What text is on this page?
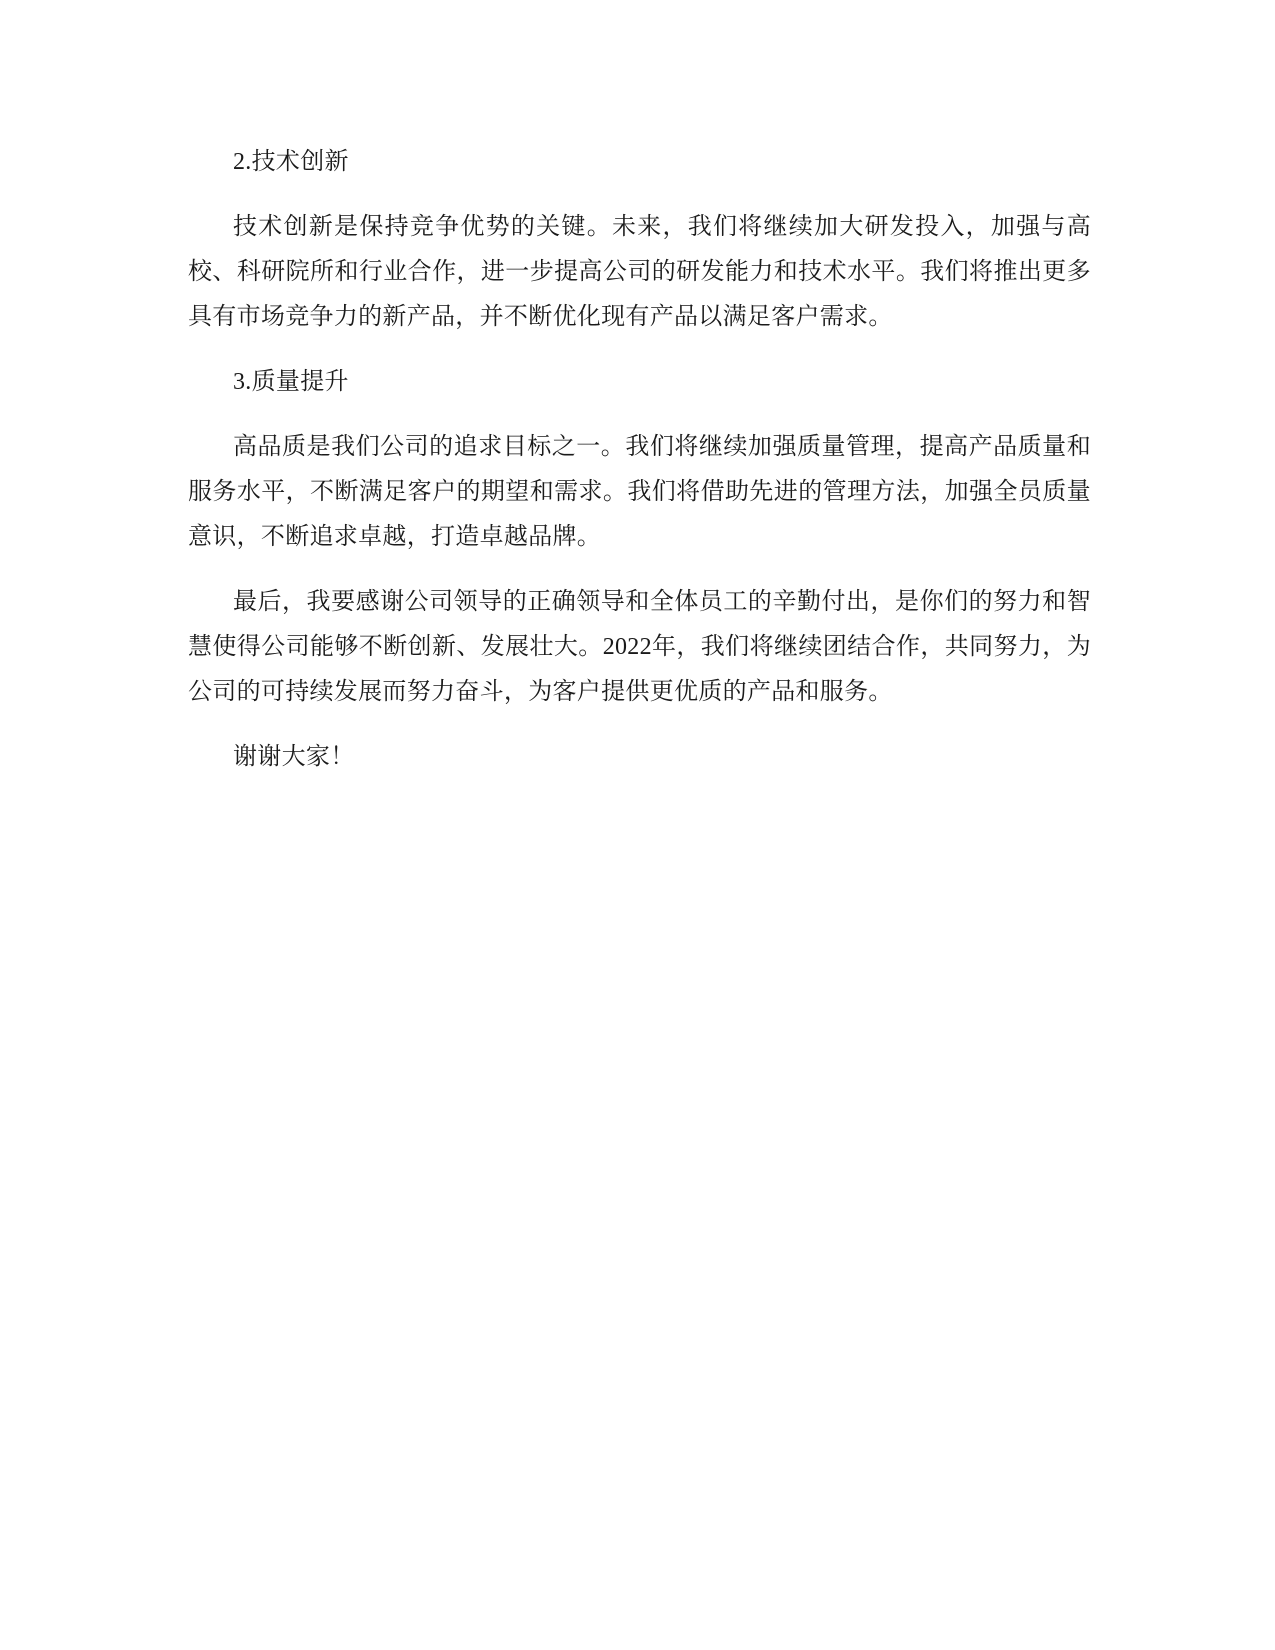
2.技术创新

技术创新是保持竞争优势的关键。未来，我们将继续加大研发投入，加强与高校、科研院所和行业合作，进一步提高公司的研发能力和技术水平。我们将推出更多具有市场竞争力的新产品，并不断优化现有产品以满足客户需求。

3.质量提升

高品质是我们公司的追求目标之一。我们将继续加强质量管理，提高产品质量和服务水平，不断满足客户的期望和需求。我们将借助先进的管理方法，加强全员质量意识，不断追求卓越，打造卓越品牌。

最后，我要感谢公司领导的正确领导和全体员工的辛勤付出，是你们的努力和智慧使得公司能够不断创新、发展壮大。2022年，我们将继续团结合作，共同努力，为公司的可持续发展而努力奋斗，为客户提供更优质的产品和服务。

谢谢大家！
